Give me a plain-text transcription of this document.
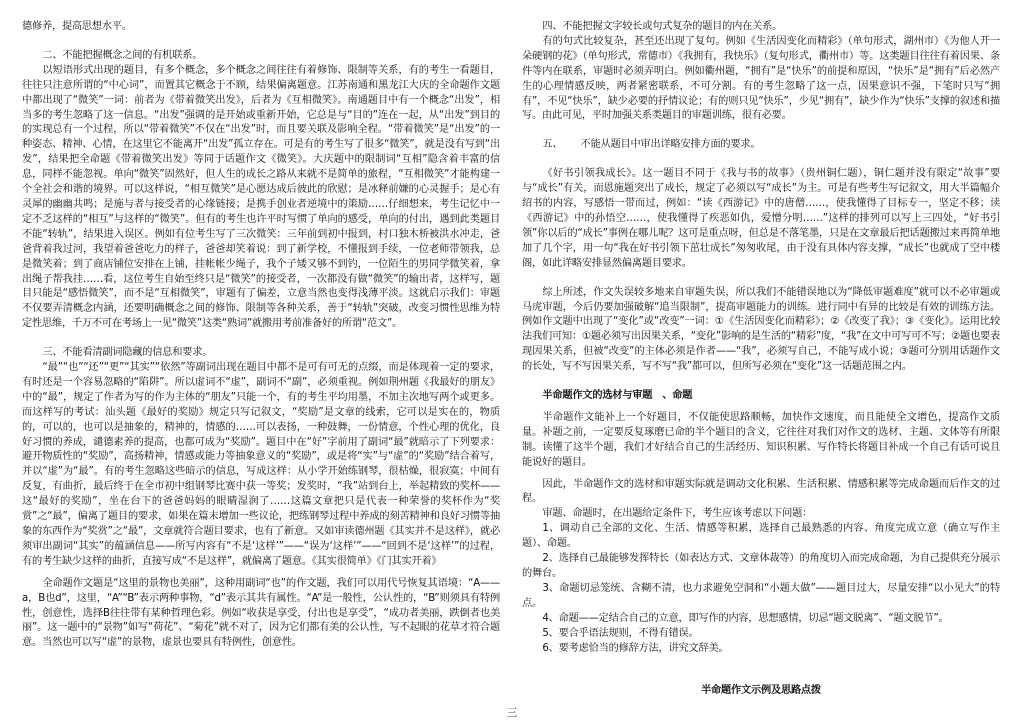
德修养，提高思想水平。

二、不能把握概念之间的有机联系。

以短语形式出现的题目，有多个概念，多个概念之间往往有着修饰、限制等关系，有的考生一看题目，往往只注意所谓的“中心词”，而置其它概念于不顾，结果偏离题意。江苏南通和黑龙江大庆的全命题作文题中都出现了“微笑”一词：前者为《带着微笑出发》，后者为《互相微笑》。南通题目中有一个概念“出发”，相当多的考生忽略了这一信息。“出发”强调的是开始或重新开始，它总是与“目的”连在一起，从“出发”到目的的实现总有一个过程，所以“带着微笑”不仅在“出发”时，而且要关联及影响全程。“带着微笑”是“出发”的一种姿态、精神、心情，在这里它不能离开“出发”孤立存在。可是有的考生写了很多“微笑”，就是没有写到“出发”，结果把全命题《带着微笑出发》等同于话题作文《微笑》。大庆题中的限制词“互相”隐含着丰富的信息，同样不能忽视。单向“微笑”固然好，但人生的成长之路从来就不是简单的旅程，“互相微笑”才能构建一个全社会和谐的境界。可以这样说，“相互微笑”是心愿达成后彼此的欣慰；是冰释前嫌的心灵握手；是心有灵犀的幽幽共鸣；是施与者与接受者的心缘链接；是携手创业者逆境中的策励……仔细想来，考生记忆中一定不乏这样的“相互”与这样的“微笑”。但有的考生也许平时写惯了单向的感受，单向的付出，遇到此类题目不能“转轨”，结果进入误区。例如有位考生写了三次微笑：三年前到初中报到，村口独木桥被洪水冲走，爸爸背着我过河，我望着爸爸吃力的样子，爸爸却笑着说：到了新学校，不懂报到手续，一位老师带领我，总是微笑着；到了商店铺位安排在上铺，挂帐帐少绳子，我个子矮又够不到钓，一位陌生的男同学微笑着，拿出绳子帮我挂……看，这位考生自始至终只是“微笑”的接受者，一次都没有做“微笑”的输出者，这样写，题目只能是“感悟微笑”，而不是“互相微笑”，审题有了偏差，立意当然也变得浅薄平淡。这就启示我们：审题不仅要弄清概念内涵，还要明确概念之间的修饰、限制等各种关系，善于“转轨”突破，改变习惯性思维为特定性思维，千万不可在考场上一见“微笑”这类“熟词”就搬用考前准备好的所谓“范文”。

三、不能看清副词隐藏的信息和要求。

“最”“也”“还”“更”“其实”“依然”等副词出现在题目中都不是可有可无的点缀，而是体现着一定的要求，有时还是一个容易忽略的“陷阱”。所以虚词不“虚”，副词不“副”，必须重视。例如荆州题《我最好的朋友》中的“最”，规定了作者为写的作为主体的“朋友”只能一个，有的考生平均用墨，不加主次地写两个或更多。而这样写的考试：汕头题《最好的奖励》规定只写记叙文，“奖励”是文章的线索，它可以是实在的，物质的，可以的，也可以是抽象的，精神的，情感的……可以表扬，一种鼓舞，一份情意，个性心理的优化，良好习惯的养成，谴德素养的提高，也都可成为“奖励”。题目中在“好”字前用了副词“最”就暗示了下列要求：避开物质性的“奖励”，高扬精神，情感或能力等抽象意义的“奖励”，或是将“实”与“虚”的“奖励”结合着写，并以“虚”为“最”。有的考生忽略这些暗示的信息，写成这样：从小学开始练钢琴，很枯燥，很寂寞；中间有反复，有曲折，最后终于在全市初中组钢琴比赛中获一等奖；发奖时，“我”站到台上，举起精致的奖杯——这“最好的奖励”，坐在台下的爸爸妈妈的眼睛湿润了……这篇文章把只是代表一种荣誉的奖杯作为“奖赏”之“最”，偏离了题目的要求，如果在篇末增加一些议论，把练钢琴过程中养成的刻苦精神和良好习惯等抽象的东西作为“奖赏”之“最”，文章就符合题目要求，也有了新意。又如审读德州题《其实并不是这样》，就必须审出副词“其实”的蕴涵信息——所写内容有“不是‘这样’”——“误为‘这样’”——“回到不是‘这样’”的过程，有的考生缺少这样的曲折，直接写成“不是这样”，就偏离了题意。《其实很简单》《门其实开着》

全命题作文题是“这里的景物也美丽”，这种用副词“也”的作文题，我们可以用代号恢复其语境：“A——a，B也d”，这里，“A”“B”表示两种事物，“d”表示其共有属性。“A”是一般性，公认性的，“B”则须具有特例性，创意性，选择B往往带有某种哲理色彩。例如“收获是享受，付出也是享受”，“成功者美丽，跌倒者也美丽”。这一题中的“景物”如写“荷花”、“菊花”就不对了，因为它们都有美的公认性，写不起眼的花草才符合题意。当然也可以写“虚”的景物，虚景也要具有特例性，创意性。

四、不能把握文字较长或句式复杂的题目的内在关系。

有的句式比较复杂，甚至还出现了复句。例如《生活因变化而精彩》（单句形式，湖州市）《为他人开一朵硬钢的花》（单句形式，常德市）《我拥有，我快乐》（复句形式，衢州市）等。这类题目往往有着因果、条件等内在联系，审题时必须弄明白。例如衢州题，“拥有”是“快乐”的前提和原因，“快乐”是“拥有”后必然产生的心理情感反映，两者紧密联系，不可分割。有的考生忽略了这一点，因果意识不强，下笔时只写“拥有”，不见“快乐”，缺少必要的抒情议论；有的则只见“快乐”，少见“拥有”，缺少作为“快乐”支撑的叙述和描写。由此可见，平时加强关系类题目的审题训练，很有必要。

五、 不能从题目中审出详略安排方面的要求。

《好书引领我成长》。这一题目不同于《我与书的故事》（贵州铜仁题），铜仁题并没有限定“故事”要与“成长”有关，而恩施题突出了成长，规定了必须以写“成长”为主。可是有些考生写记叙文，用大半篇幅介绍书的内容，写感悟一带而过，例如：“读《西游记》中的唐僧……，使我懂得了目标专一，坚定不移；读《西游记》中的孙悟空……，使我懂得了疾恶如仇，爱憎分明……”这样的排列可以写上三四处，“好书引领”你以后的“成长”事例在哪儿呢？这可是重点呀，但总是不落笔墨，只是在文章最后把话题搬过来再简单地加了几个字，用一句“我在好书引领下茁壮成长”匆匆收尾，由于没有具体内容支撑，“成长”也就成了空中楼阁，如此详略安排显然偏离题目要求。

综上所述，作文失误较多地来自审题失误，所以我们不能错误地以为“降低审题难度”就可以不必审题或马虎审题，今后仍要加强破解“追当限制”，提高审题能力的训练。进行同中有异的比较是有效的训练方法。例如作文题中出现了“变化”或“改变”一词：①《生活因变化而精彩》；②《改变了我》；③《变化》。运用比较法我们可知：①题必须写出因果关系，“变化”影响的是生活的“精彩”度，“我”在文中可写可不写；②题也要表现因果关系，但被“改变”的主体必须是作者——“我”，必须写自己，不能写成小说；③题可分别用话题作文的长处，写不写因果关系，写不写“我”都可以，但所写必须在“变化”这一话题范围之内。

半命题作文的选材与审题 、命题

半命题作文能补上一个好题目，不仅能使思路顺畅，加快作文速度，而且能使全文增色，提高作文质量。补题之前，一定要反复琢磨已命的半个题目的含义，它往往对我们对作文的选材、主题、文体等有所限制。读懂了这半个题，我们才好结合自己的生活经历、知识积累、写作特长将题目补成一个自己有话可说且能说好的题目。

因此，半命题作文的选材和审题实际就是调动文化积累、生活积累、情感积累等完成命题而后作文的过程。

审题、命题时，在出题给定条件下，考生应该考虑以下问题：

1、调动自己全部的文化、生活、情感等积累，选择自己最熟悉的内容、角度完成立意（确立写作主题）、命题。

2、选择自己最能够发挥特长（如表达方式、文章体裁等）的角度切入而完成命题，为自己提供充分展示的舞台。

3、命题切忌笼统、含糊不清，也力求避免空洞和“小题大做”——题目过大，尽量安排“以小见大”的特点。

4、命题——定结合自己的立意，即写作的内容，思想感情，切忌“题文脱离”、“题文脱节”。

5、要合乎语法规则，不得有错误。

6、要考虑恰当的修辞方法，讲究文辞美。

半命题作文示例及思路点拨

三
